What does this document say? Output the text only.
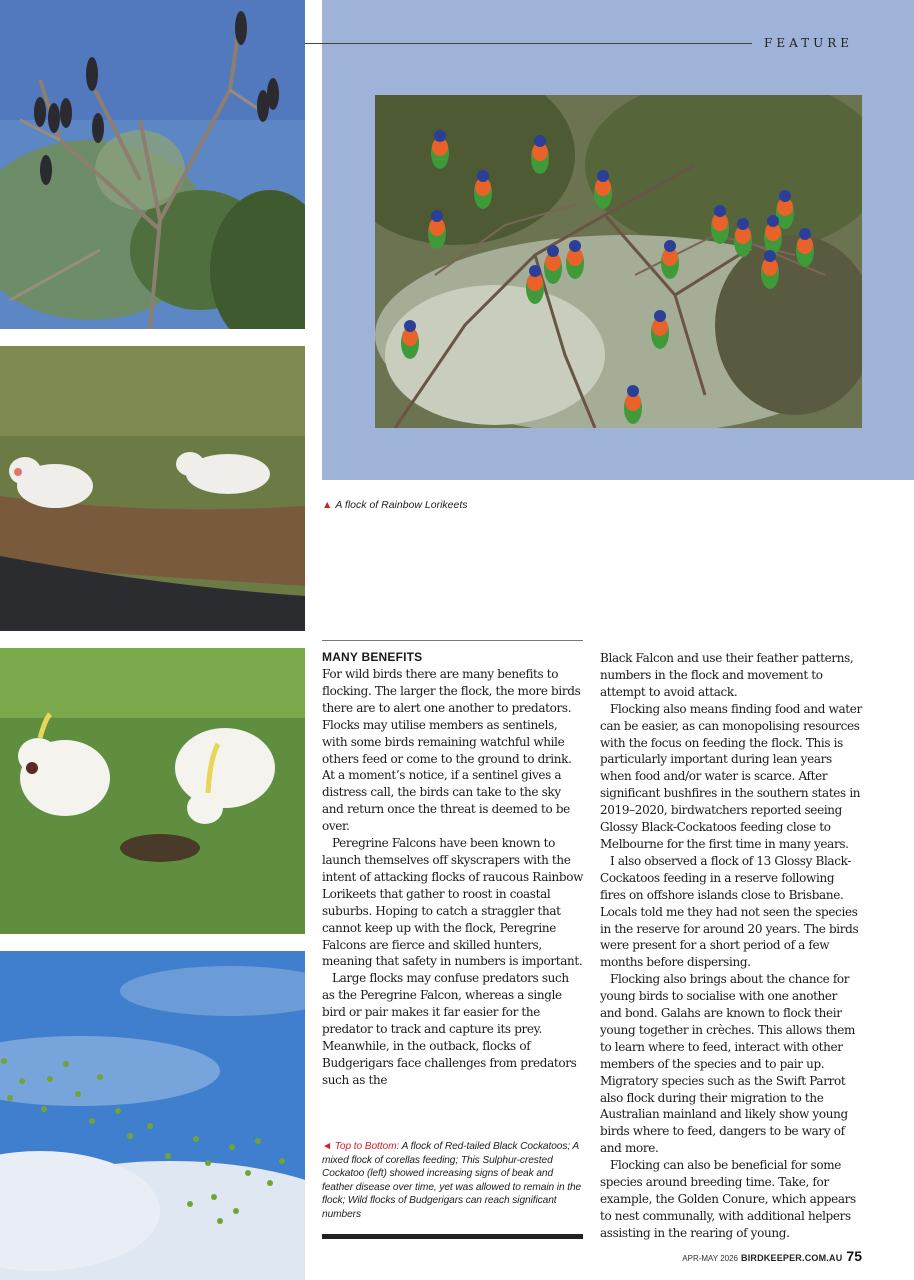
FEATURE
▲ A flock of Rainbow Lorikeets
MANY BENEFITS

For wild birds there are many benefits to flocking. The larger the flock, the more birds there are to alert one another to predators. Flocks may utilise members as sentinels, with some birds remaining watchful while others feed or come to the ground to drink. At a moment’s notice, if a sentinel gives a distress call, the birds can take to the sky and return once the threat is deemed to be over.

Peregrine Falcons have been known to launch themselves off skyscrapers with the intent of attacking flocks of raucous Rainbow Lorikeets that gather to roost in coastal suburbs. Hoping to catch a straggler that cannot keep up with the flock, Peregrine Falcons are fierce and skilled hunters, meaning that safety in numbers is important.

Large flocks may confuse predators such as the Peregrine Falcon, whereas a single bird or pair makes it far easier for the predator to track and capture its prey. Meanwhile, in the outback, flocks of Budgerigars face challenges from predators such as the

Black Falcon and use their feather patterns, numbers in the flock and movement to attempt to avoid attack.

Flocking also means finding food and water can be easier, as can monopolising resources with the focus on feeding the flock. This is particularly important during lean years when food and/or water is scarce. After significant bushfires in the southern states in 2019–2020, birdwatchers reported seeing Glossy Black-Cockatoos feeding close to Melbourne for the first time in many years.

I also observed a flock of 13 Glossy Black-Cockatoos feeding in a reserve following fires on offshore islands close to Brisbane. Locals told me they had not seen the species in the reserve for around 20 years. The birds were present for a short period of a few months before dispersing.

Flocking also brings about the chance for young birds to socialise with one another and bond. Galahs are known to flock their young together in crèches. This allows them to learn where to feed, interact with other members of the species and to pair up. Migratory species such as the Swift Parrot also flock during their migration to the Australian mainland and likely show young birds where to feed, dangers to be wary of and more.

Flocking can also be beneficial for some species around breeding time. Take, for example, the Golden Conure, which appears to nest communally, with additional helpers assisting in the rearing of young.

◄ Top to Bottom: A flock of Red-tailed Black Cockatoos; A mixed flock of corellas feeding; This Sulphur-crested Cockatoo (left) showed increasing signs of beak and feather disease over time, yet was allowed to remain in the flock; Wild flocks of Budgerigars can reach significant numbers
APR-MAY 2026 BIRDKEEPER.COM.AU 75
